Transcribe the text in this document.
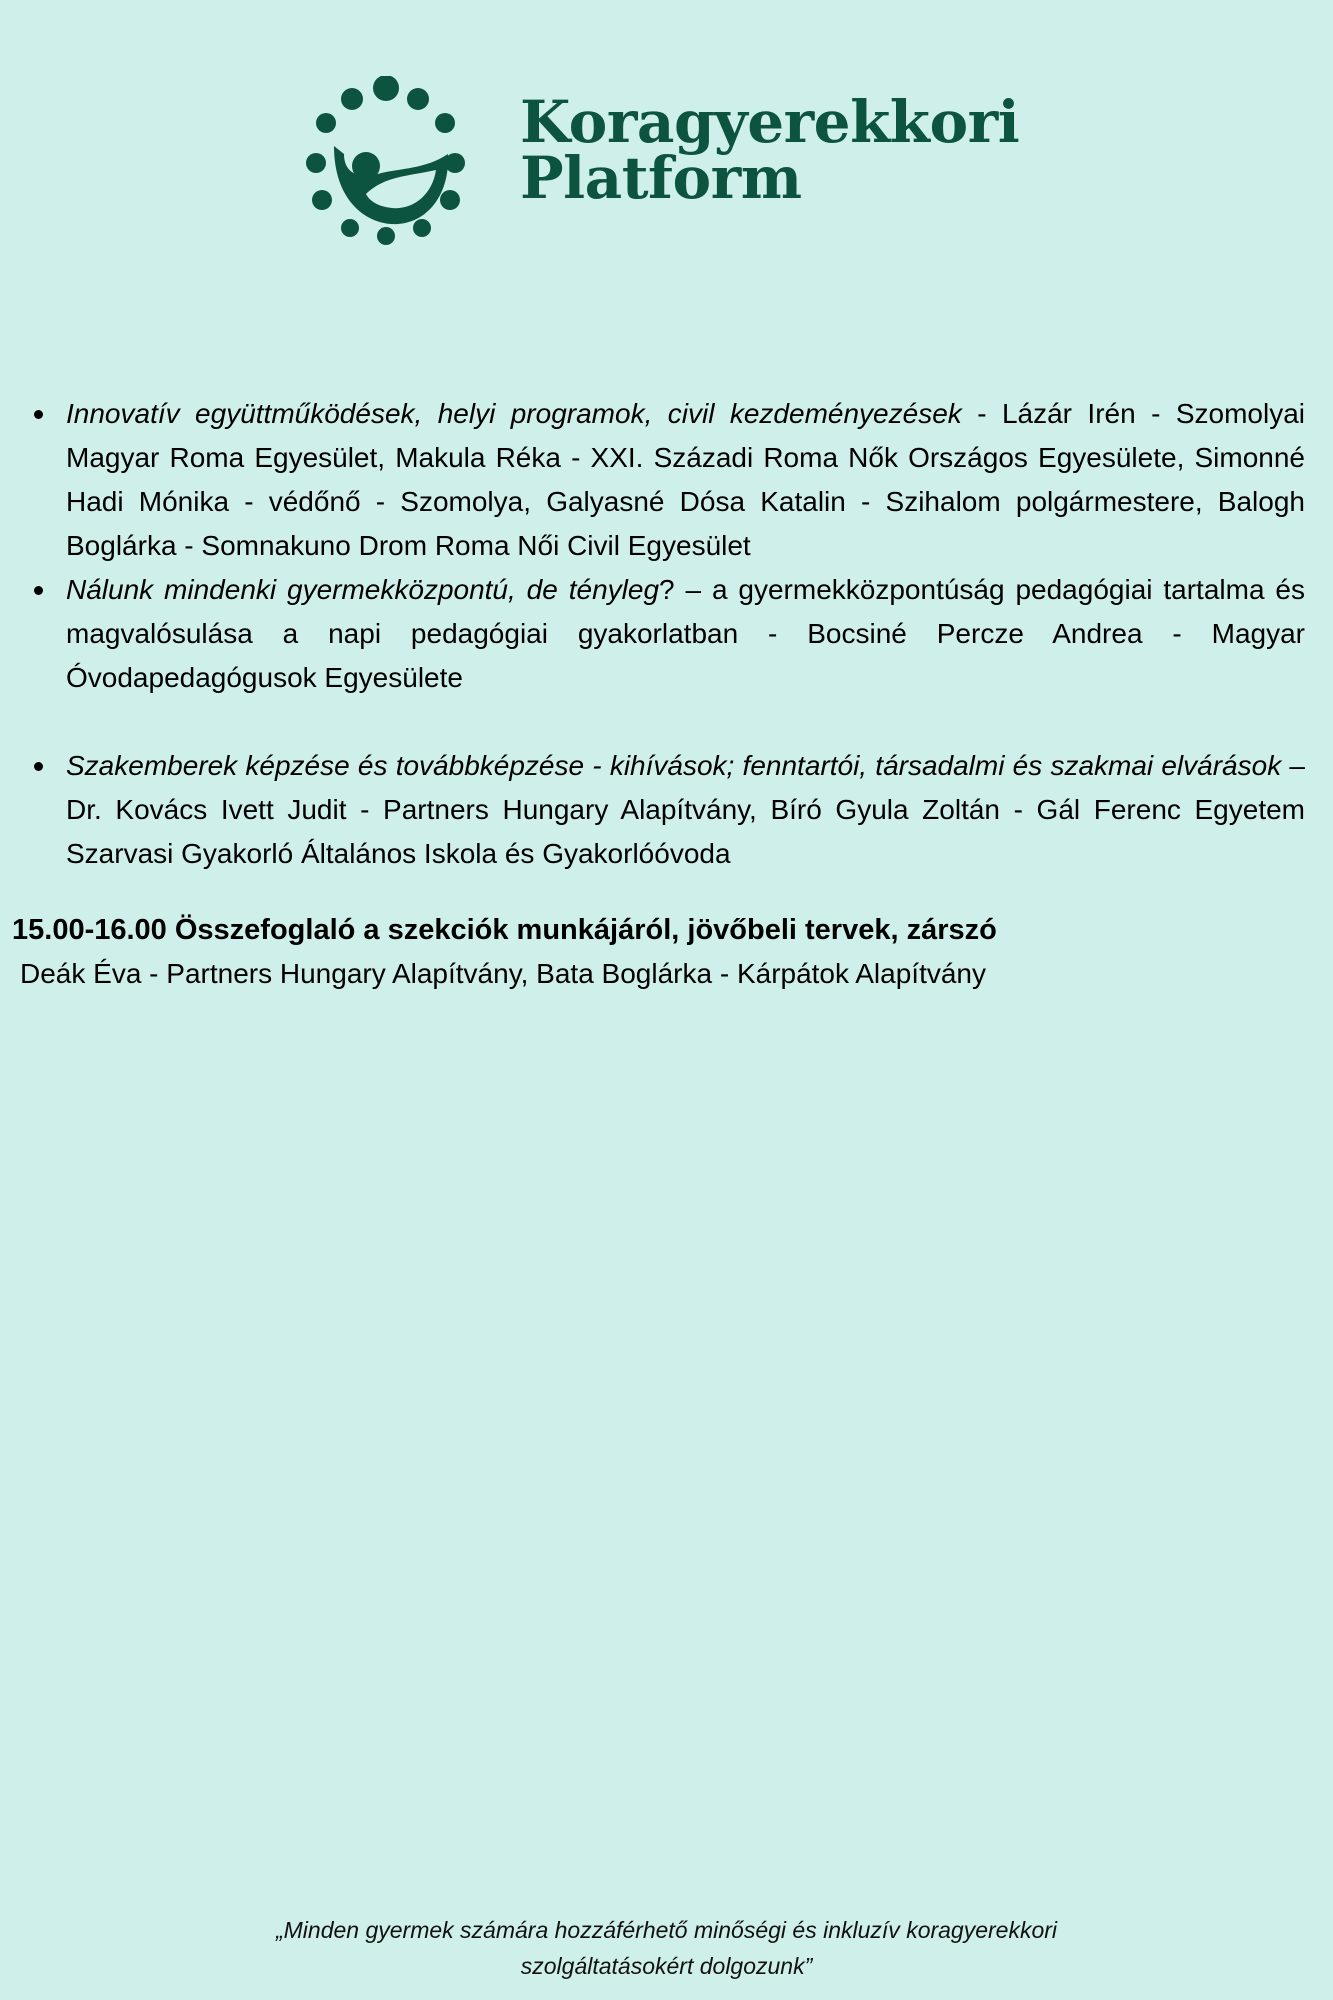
Koragyerekkori
Platform
Innovatív együttműködések, helyi programok, civil kezdeményezések - Lázár Irén - Szomolyai Magyar Roma Egyesület, Makula Réka - XXI. Századi Roma Nők Országos Egyesülete, Simonné Hadi Mónika - védőnő - Szomolya, Galyasné Dósa Katalin - Szihalom polgármestere, Balogh Boglárka - Somnakuno Drom Roma Női Civil Egyesület
Nálunk mindenki gyermekközpontú, de tényleg? – a gyermekközpontúság pedagógiai tartalma és magvalósulása a napi pedagógiai gyakorlatban - Bocsiné Percze Andrea - Magyar Óvodapedagógusok Egyesülete
Szakemberek képzése és továbbképzése - kihívások; fenntartói, társadalmi és szakmai elvárások – Dr. Kovács Ivett Judit - Partners Hungary Alapítvány, Bíró Gyula Zoltán - Gál Ferenc Egyetem Szarvasi Gyakorló Általános Iskola és Gyakorlóóvoda
15.00-16.00 Összefoglaló a szekciók munkájáról, jövőbeli tervek, zárszó
Deák Éva - Partners Hungary Alapítvány, Bata Boglárka - Kárpátok Alapítvány
„Minden gyermek számára hozzáférhető minőségi és inkluzív koragyerekkori
szolgáltatásokért dolgozunk”
